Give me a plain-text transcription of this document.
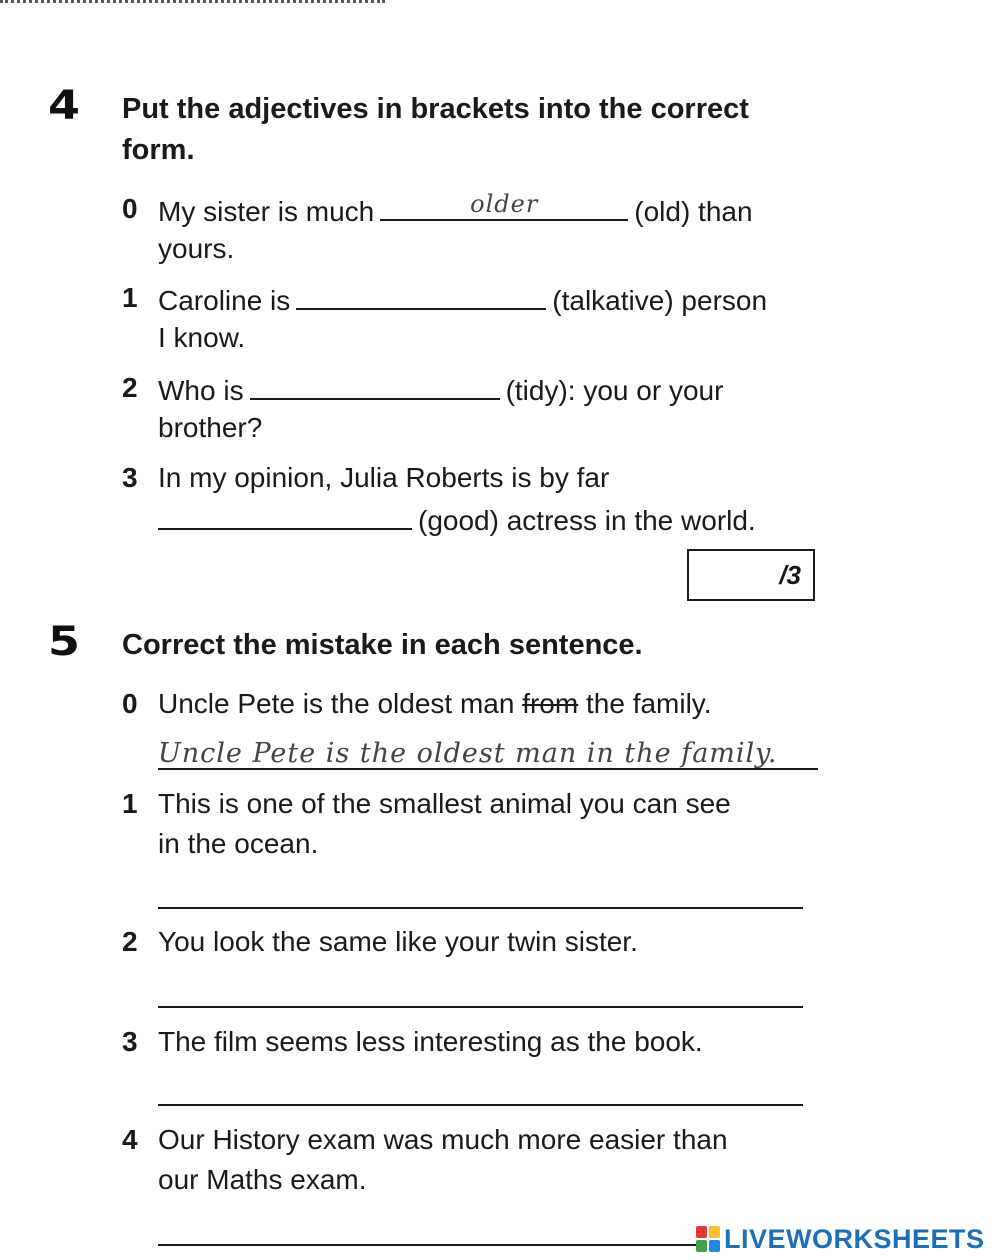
4 Put the adjectives in brackets into the correct form.
0 My sister is much	older	(old) than
yours.
1 Caroline is	(talkative) person
I know.
2 Who is	(tidy): you or your
brother?
3 In my opinion, Julia Roberts is by far
(good) actress in the world.
/3
5 Correct the mistake in each sentence.
0 Uncle Pete is the oldest man from the family.
Uncle Pete is the oldest man in the family.
1 This is one of the smallest animal you can see
in the ocean.
2 You look the same like your twin sister.
3 The film seems less interesting as the book.
4 Our History exam was much more easier than
our Maths exam.
LIVEWORKSHEETS
